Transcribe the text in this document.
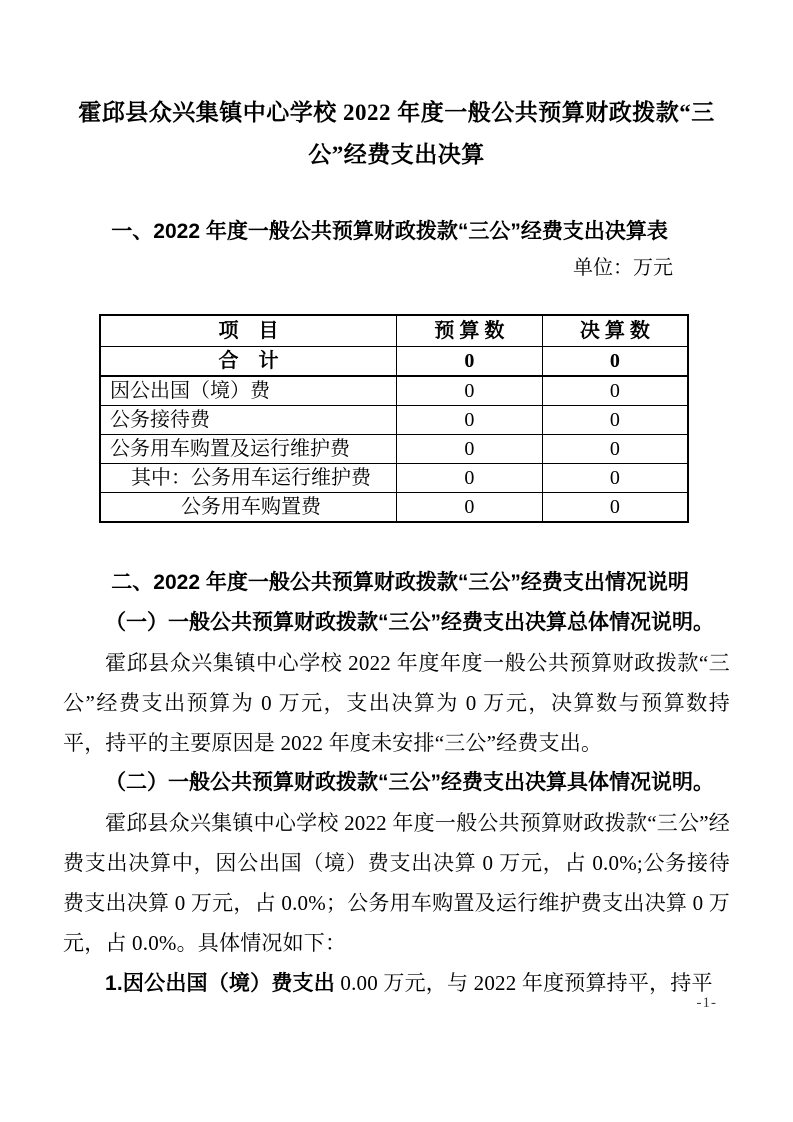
霍邱县众兴集镇中心学校 2022 年度一般公共预算财政拨款“三公”经费支出决算
一、2022 年度一般公共预算财政拨款“三公”经费支出决算表
单位：万元
项　目	预 算 数	决 算 数
合　计	0	0
因公出国（境）费	0	0
公务接待费	0	0
公务用车购置及运行维护费	0	0
其中：公务用车运行维护费	0	0
公务用车购置费	0	0
二、2022 年度一般公共预算财政拨款“三公”经费支出情况说明
（一）一般公共预算财政拨款“三公”经费支出决算总体情况说明。

霍邱县众兴集镇中心学校 2022 年度年度一般公共预算财政拨款“三公”经费支出预算为 0 万元，支出决算为 0 万元，决算数与预算数持平，持平的主要原因是 2022 年度未安排“三公”经费支出。

（二）一般公共预算财政拨款“三公”经费支出决算具体情况说明。

霍邱县众兴集镇中心学校 2022 年度一般公共预算财政拨款“三公”经费支出决算中，因公出国（境）费支出决算 0 万元，占 0.0%;公务接待费支出决算 0 万元，占 0.0%；公务用车购置及运行维护费支出决算 0 万元，占 0.0%。具体情况如下：

1.因公出国（境）费支出 0.00 万元，与 2022 年度预算持平，持平

-1-
